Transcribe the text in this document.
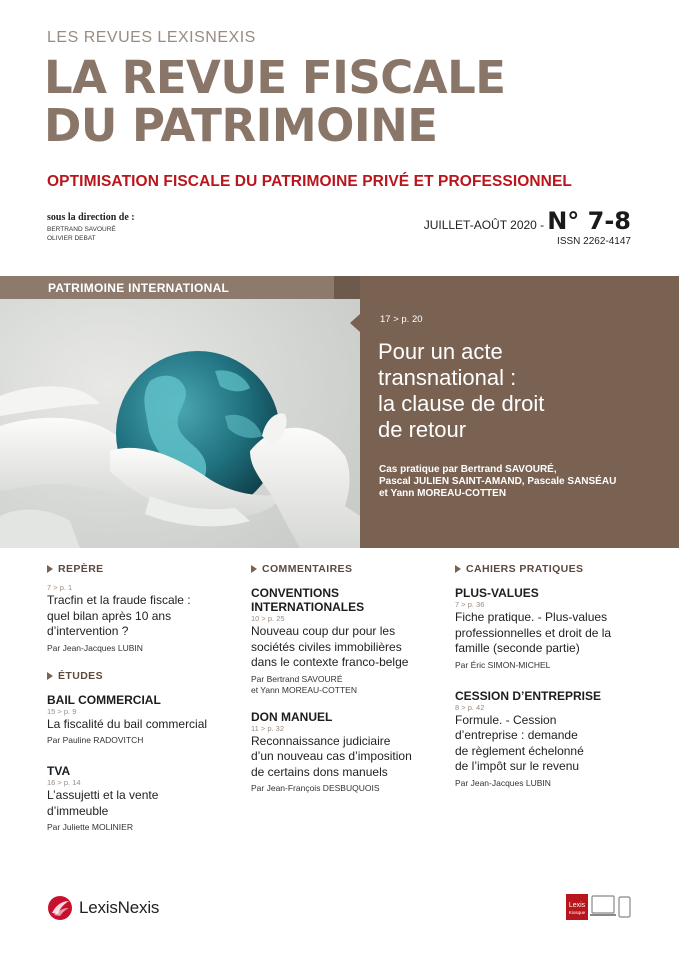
LES REVUES LEXISNEXIS
LA REVUE FISCALE
DU PATRIMOINE
OPTIMISATION FISCALE DU PATRIMOINE PRIVÉ ET PROFESSIONNEL
sous la direction de :
BERTRAND SAVOURÉ
OLIVIER DEBAT
JUILLET-AOÛT 2020 - N° 7-8
ISSN 2262-4147
PATRIMOINE INTERNATIONAL
17 > p. 20
Pour un acte
transnational :
la clause de droit
de retour
Cas pratique par Bertrand SAVOURÉ,
Pascal JULIEN SAINT-AMAND, Pascale SANSÉAU
et Yann MOREAU-COTTEN
REPÈRE
7 > p. 1
Tracfin et la fraude fiscale :
quel bilan après 10 ans
d’intervention ?
Par Jean-Jacques LUBIN
ÉTUDES
BAIL COMMERCIAL
15 > p. 9
La fiscalité du bail commercial
Par Pauline RADOVITCH
TVA
16 > p. 14
L’assujetti et la vente
d’immeuble
Par Juliette MOLINIER
COMMENTAIRES
CONVENTIONS
INTERNATIONALES
10 > p. 25
Nouveau coup dur pour les
sociétés civiles immobilières
dans le contexte franco-belge
Par Bertrand SAVOURÉ
et Yann MOREAU-COTTEN
DON MANUEL
11 > p. 32
Reconnaissance judiciaire
d’un nouveau cas d’imposition
de certains dons manuels
Par Jean-François DESBUQUOIS
CAHIERS PRATIQUES
PLUS-VALUES
7 > p. 36
Fiche pratique. - Plus-values
professionnelles et droit de la
famille (seconde partie)
Par Éric SIMON-MICHEL
CESSION D’ENTREPRISE
8 > p. 42
Formule. - Cession
d’entreprise : demande
de règlement échelonné
de l’impôt sur le revenu
Par Jean-Jacques LUBIN
LexisNexis	Lexis
Kiosque
